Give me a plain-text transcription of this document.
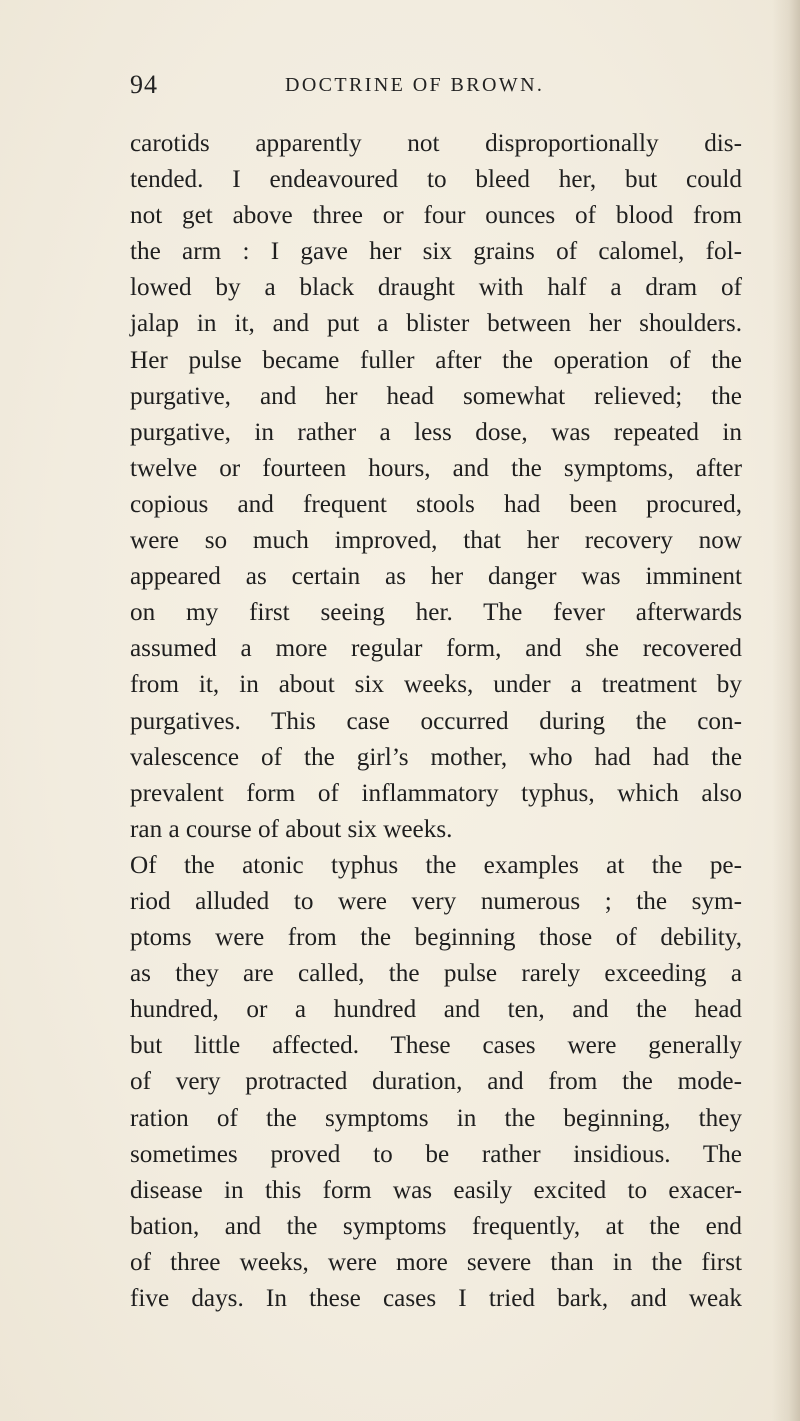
94	DOCTRINE OF BROWN.
carotids apparently not disproportionally dis-
tended. I endeavoured to bleed her, but could
not get above three or four ounces of blood from
the arm : I gave her six grains of calomel, fol-
lowed by a black draught with half a dram of
jalap in it, and put a blister between her shoulders.
Her pulse became fuller after the operation of the
purgative, and her head somewhat relieved; the
purgative, in rather a less dose, was repeated in
twelve or fourteen hours, and the symptoms, after
copious and frequent stools had been procured,
were so much improved, that her recovery now
appeared as certain as her danger was imminent
on my first seeing her. The fever afterwards
assumed a more regular form, and she recovered
from it, in about six weeks, under a treatment by
purgatives. This case occurred during the con-
valescence of the girl’s mother, who had had the
prevalent form of inflammatory typhus, which also
ran a course of about six weeks.
Of the atonic typhus the examples at the pe-
riod alluded to were very numerous ; the sym-
ptoms were from the beginning those of debility,
as they are called, the pulse rarely exceeding a
hundred, or a hundred and ten, and the head
but little affected. These cases were generally
of very protracted duration, and from the mode-
ration of the symptoms in the beginning, they
sometimes proved to be rather insidious. The
disease in this form was easily excited to exacer-
bation, and the symptoms frequently, at the end
of three weeks, were more severe than in the first
five days. In these cases I tried bark, and weak
